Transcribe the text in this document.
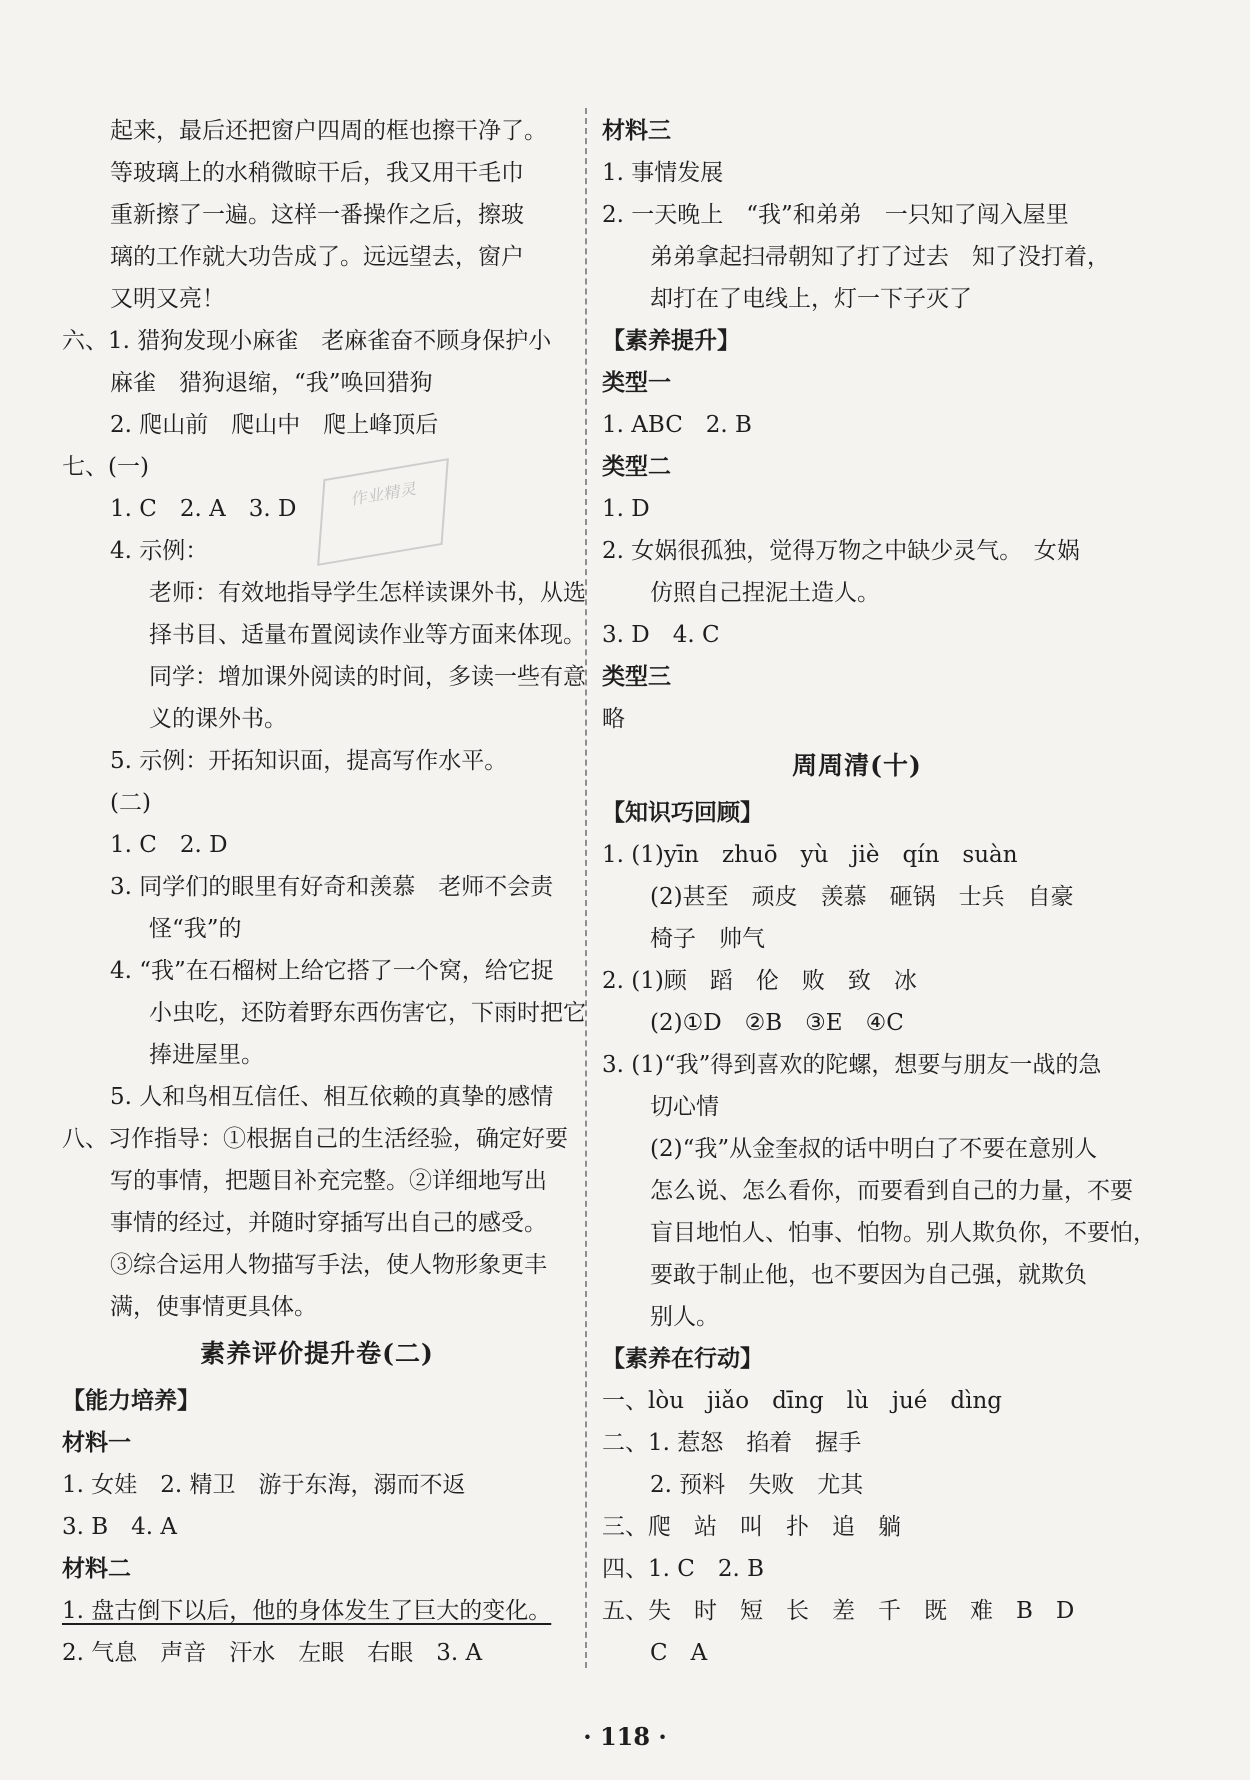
起来，最后还把窗户四周的框也擦干净了。
等玻璃上的水稍微晾干后，我又用干毛巾
重新擦了一遍。这样一番操作之后，擦玻
璃的工作就大功告成了。远远望去，窗户
又明又亮！
六、1. 猎狗发现小麻雀　老麻雀奋不顾身保护小
麻雀　猎狗退缩，“我”唤回猎狗
2. 爬山前　爬山中　爬上峰顶后
七、(一)
1. C　2. A　3. D
4. 示例：
老师：有效地指导学生怎样读课外书，从选
择书目、适量布置阅读作业等方面来体现。
同学：增加课外阅读的时间，多读一些有意
义的课外书。
5. 示例：开拓知识面，提高写作水平。
(二)
1. C　2. D
3. 同学们的眼里有好奇和羡慕　老师不会责
怪“我”的
4. “我”在石榴树上给它搭了一个窝，给它捉
小虫吃，还防着野东西伤害它，下雨时把它
捧进屋里。
5. 人和鸟相互信任、相互依赖的真挚的感情
八、习作指导：①根据自己的生活经验，确定好要
写的事情，把题目补充完整。②详细地写出
事情的经过，并随时穿插写出自己的感受。
③综合运用人物描写手法，使人物形象更丰
满，使事情更具体。
素养评价提升卷(二)
【能力培养】
材料一
1. 女娃　2. 精卫　游于东海，溺而不返
3. B　4. A
材料二
1. 盘古倒下以后，他的身体发生了巨大的变化。
2. 气息　声音　汗水　左眼　右眼　3. A
材料三
1. 事情发展
2. 一天晚上　“我”和弟弟　一只知了闯入屋里
弟弟拿起扫帚朝知了打了过去　知了没打着，
却打在了电线上，灯一下子灭了
【素养提升】
类型一
1. ABC　2. B
类型二
1. D
2. 女娲很孤独，觉得万物之中缺少灵气。　女娲
仿照自己捏泥土造人。
3. D　4. C
类型三
略
周周清(十)
【知识巧回顾】
1. (1)yīn　zhuō　yù　jiè　qín　suàn
(2)甚至　顽皮　羡慕　砸锅　士兵　自豪
椅子　帅气
2. (1)顾　蹈　伦　败　致　冰
(2)①D　②B　③E　④C
3. (1)“我”得到喜欢的陀螺，想要与朋友一战的急
切心情
(2)“我”从金奎叔的话中明白了不要在意别人
怎么说、怎么看你，而要看到自己的力量，不要
盲目地怕人、怕事、怕物。别人欺负你，不要怕，
要敢于制止他，也不要因为自己强，就欺负
别人。
【素养在行动】
一、lòu　jiǎo　dīng　lù　jué　dìng
二、1. 惹怒　掐着　握手
2. 预料　失败　尤其
三、爬　站　叫　扑　追　躺
四、1. C　2. B
五、失　时　短　长　差　千　既　难　B　D
C　A
作业精灵
· 118 ·
